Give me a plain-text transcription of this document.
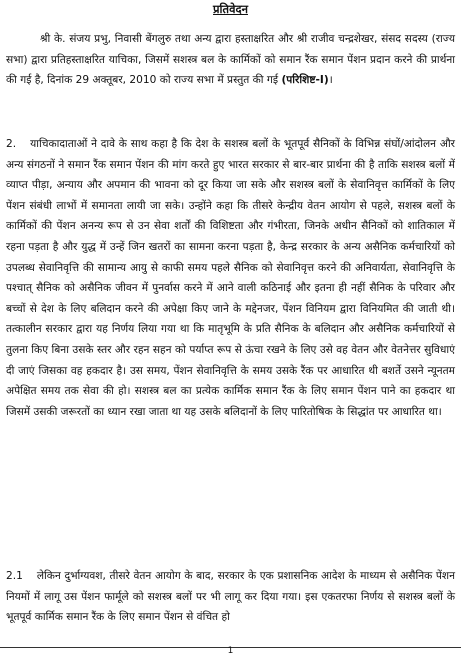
प्रतिवेदन

श्री के. संजय प्रभु, निवासी बेंगलुरु तथा अन्य द्वारा हस्ताक्षरित और श्री राजीव चन्द्रशेखर, संसद सदस्य (राज्य सभा) द्वारा प्रतिहस्ताक्षरित याचिका, जिसमें सशस्त्र बल के कार्मिकों को समान रैंक समान पेंशन प्रदान करने की प्रार्थना की गई है, दिनांक 29 अक्तूबर, 2010 को राज्य सभा में प्रस्तुत की गई (परिशिष्ट-I)।

2. याचिकादाताओं ने दावे के साथ कहा है कि देश के सशस्त्र बलों के भूतपूर्व सैनिकों के विभिन्न संघों/आंदोलन और अन्य संगठनों ने समान रैंक समान पेंशन की मांग करते हुए भारत सरकार से बार-बार प्रार्थना की है ताकि सशस्त्र बलों में व्याप्त पीड़ा, अन्याय और अपमान की भावना को दूर किया जा सके और सशस्त्र बलों के सेवानिवृत्त कार्मिकों के लिए पेंशन संबंधी लाभों में समानता लायी जा सके। उन्होंने कहा कि तीसरे केन्द्रीय वेतन आयोग से पहले, सशस्त्र बलों के कार्मिकों की पेंशन अनन्य रूप से उन सेवा शर्तों की विशिष्टता और गंभीरता, जिनके अधीन सैनिकों को शातिकाल में रहना पड़ता है और युद्ध में उन्हें जिन खतरों का सामना करना पड़ता है, केन्द्र सरकार के अन्य असैनिक कर्मचारियों को उपलब्ध सेवानिवृत्ति की सामान्य आयु से काफी समय पहले सैनिक को सेवानिवृत्त करने की अनिवार्यता, सेवानिवृत्ति के पश्चात् सैनिक को असैनिक जीवन में पुनर्वास करने में आने वाली कठिनाई और इतना ही नहीं सैनिक के परिवार और बच्चों से देश के लिए बलिदान करने की अपेक्षा किए जाने के मद्देनजर, पेंशन विनियम द्वारा विनियमित की जाती थी। तत्कालीन सरकार द्वारा यह निर्णय लिया गया था कि मातृभूमि के प्रति सैनिक के बलिदान और असैनिक कर्मचारियों से तुलना किए बिना उसके स्तर और रहन सहन को पर्याप्त रूप से ऊंचा रखने के लिए उसे वह वेतन और वेतनेत्तर सुविधाएं दी जाएं जिसका वह हकदार है। उस समय, पेंशन सेवानिवृत्ति के समय उसके रैंक पर आधारित थी बशर्ते उसने न्यूनतम अपेक्षित समय तक सेवा की हो। सशस्त्र बल का प्रत्येक कार्मिक समान रैंक के लिए समान पेंशन पाने का हकदार था जिसमें उसकी जरूरतों का ध्यान रखा जाता था यह उसके बलिदानों के लिए पारितोषिक के सिद्धांत पर आधारित था।

2.1 लेकिन दुर्भाग्यवश, तीसरे वेतन आयोग के बाद, सरकार के एक प्रशासनिक आदेश के माध्यम से असैनिक पेंशन नियमों में लागू उस पेंशन फार्मूले को सशस्त्र बलों पर भी लागू कर दिया गया। इस एकतरफा निर्णय से सशस्त्र बलों के भूतपूर्व कार्मिक समान रैंक के लिए समान पेंशन से वंचित हो

1
